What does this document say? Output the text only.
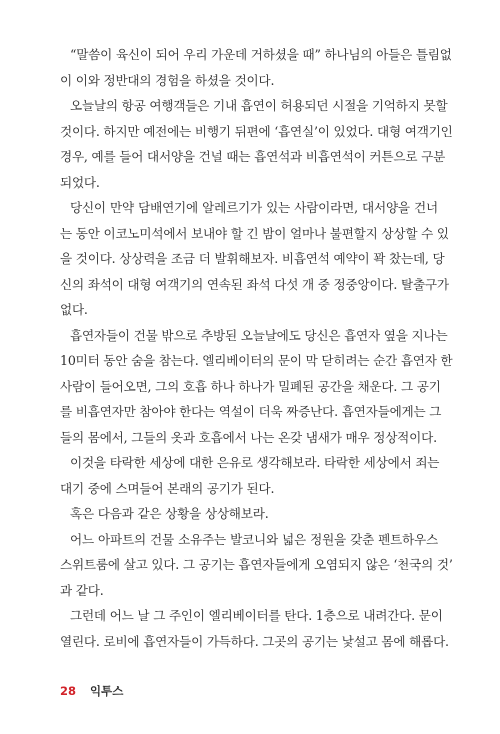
“말씀이 육신이 되어 우리 가운데 거하셨을 때” 하나님의 아들은 틀림없
이 이와 정반대의 경험을 하셨을 것이다.
오늘날의 항공 여행객들은 기내 흡연이 허용되던 시절을 기억하지 못할
것이다. 하지만 예전에는 비행기 뒤편에 ‘흡연실’이 있었다. 대형 여객기인
경우, 예를 들어 대서양을 건널 때는 흡연석과 비흡연석이 커튼으로 구분
되었다.
당신이 만약 담배연기에 알레르기가 있는 사람이라면, 대서양을 건너
는 동안 이코노미석에서 보내야 할 긴 밤이 얼마나 불편할지 상상할 수 있
을 것이다. 상상력을 조금 더 발휘해보자. 비흡연석 예약이 꽉 찼는데, 당
신의 좌석이 대형 여객기의 연속된 좌석 다섯 개 중 정중앙이다. 탈출구가
없다.
흡연자들이 건물 밖으로 추방된 오늘날에도 당신은 흡연자 옆을 지나는
10미터 동안 숨을 참는다. 엘리베이터의 문이 막 닫히려는 순간 흡연자 한
사람이 들어오면, 그의 호흡 하나 하나가 밀폐된 공간을 채운다. 그 공기
를 비흡연자만 참아야 한다는 역설이 더욱 짜증난다. 흡연자들에게는 그
들의 몸에서, 그들의 옷과 호흡에서 나는 온갖 냄새가 매우 정상적이다.
이것을 타락한 세상에 대한 은유로 생각해보라. 타락한 세상에서 죄는
대기 중에 스며들어 본래의 공기가 된다.
혹은 다음과 같은 상황을 상상해보라.
어느 아파트의 건물 소유주는 발코니와 넓은 정원을 갖춘 펜트하우스
스위트룸에 살고 있다. 그 공기는 흡연자들에게 오염되지 않은 ‘천국의 것’
과 같다.
그런데 어느 날 그 주인이 엘리베이터를 탄다. 1층으로 내려간다. 문이
열린다. 로비에 흡연자들이 가득하다. 그곳의 공기는 낯설고 몸에 해롭다.
28 익투스
